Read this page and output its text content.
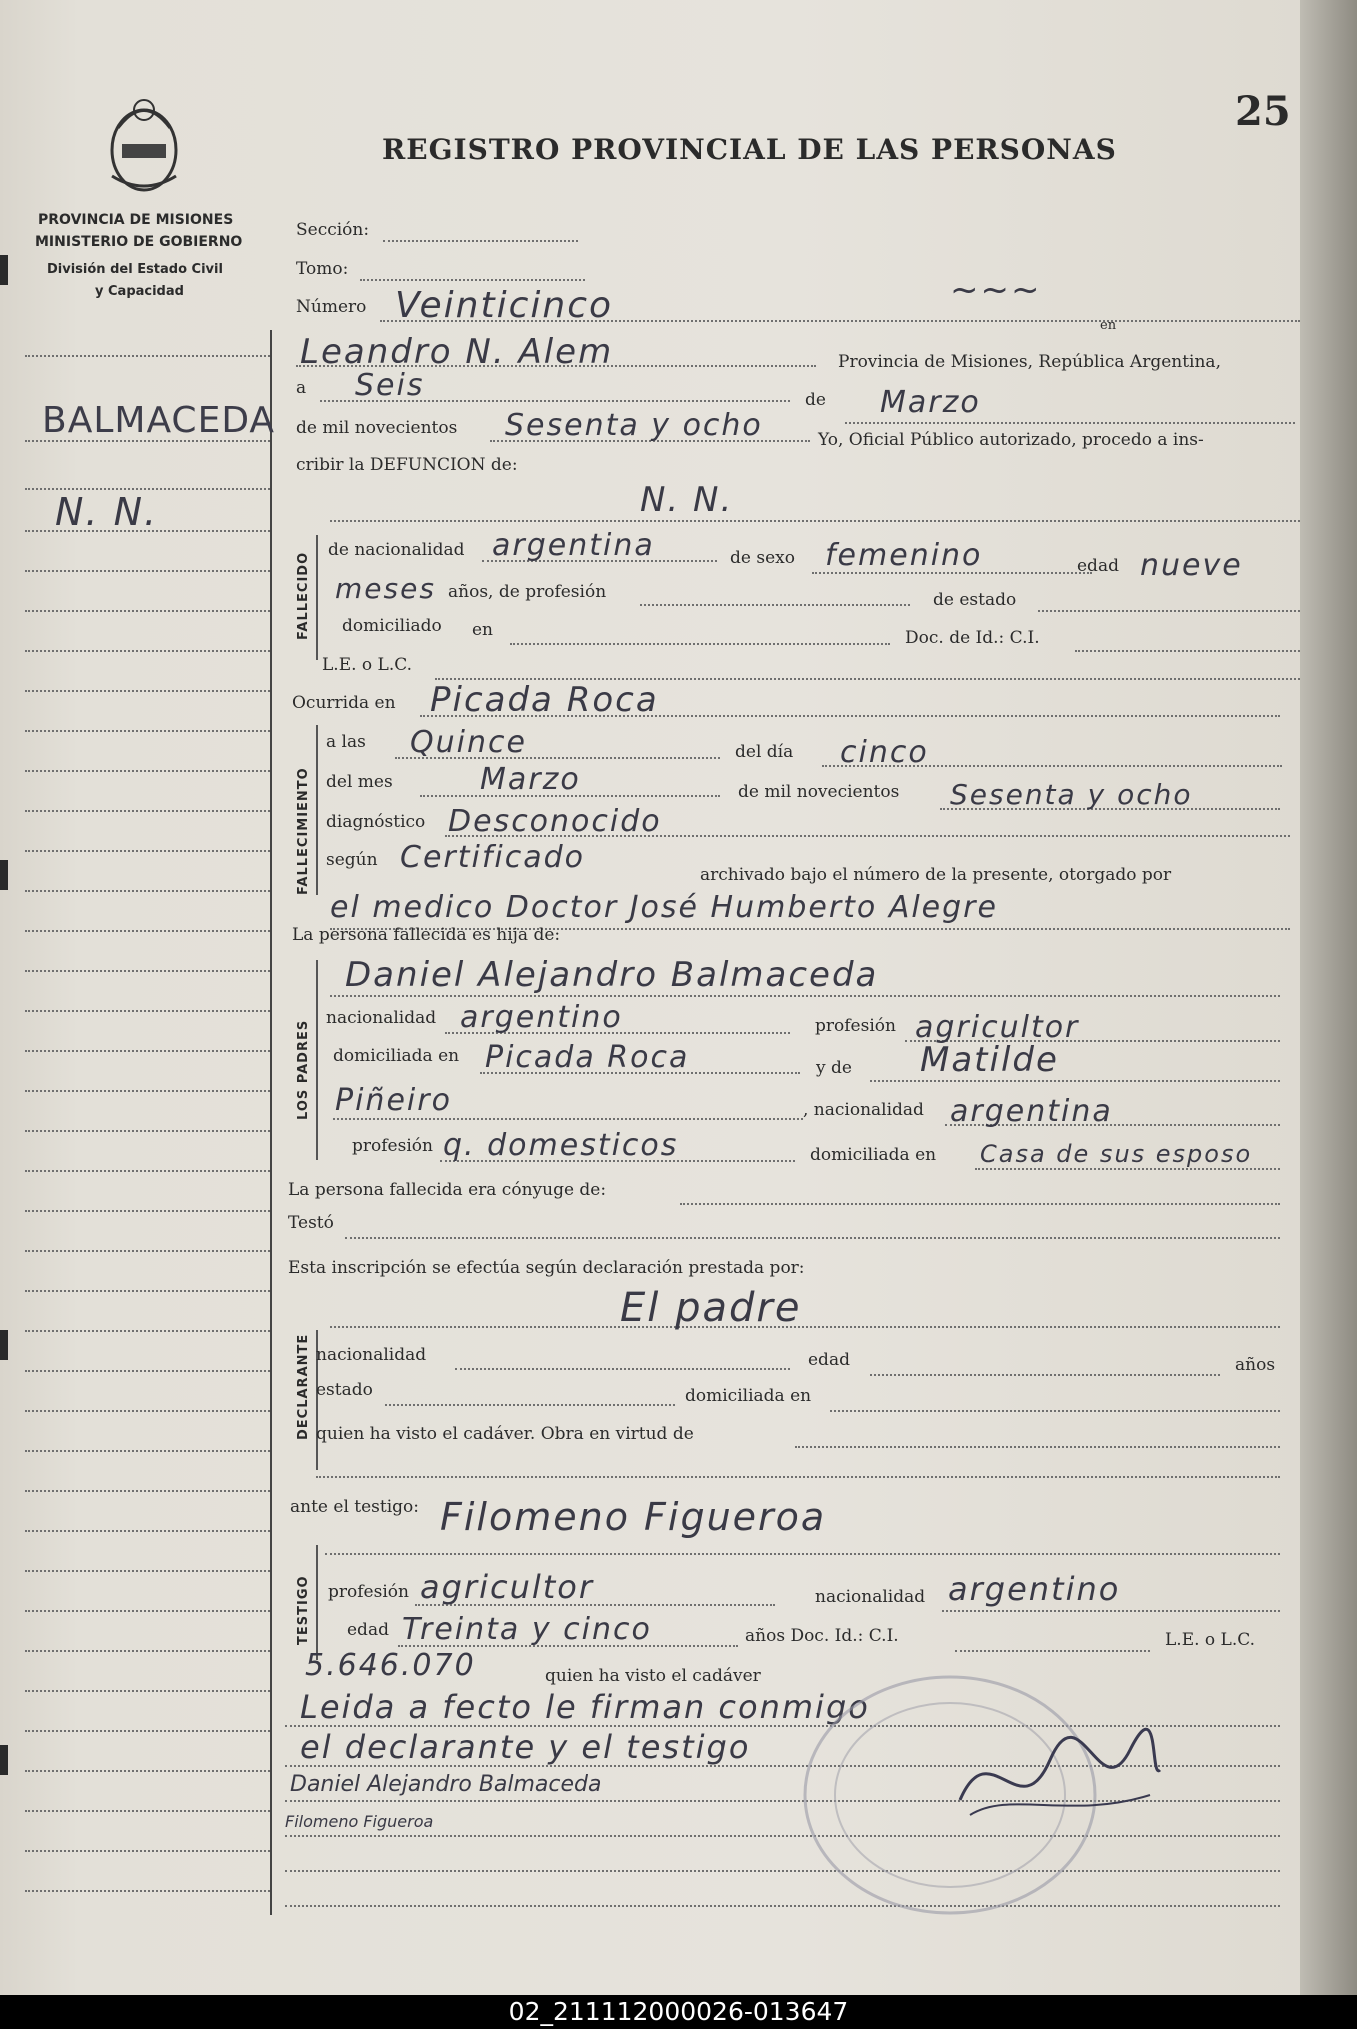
25
REGISTRO PROVINCIAL DE LAS PERSONAS
PROVINCIA DE MISIONES
MINISTERIO DE GOBIERNO
División del Estado Civil
y Capacidad
BALMACEDA
N. N.
Sección:
Tomo:
Número Veinticinco	~~~
en
Leandro N. Alem	Provincia de Misiones, República Argentina,
a Seis	de Marzo
de mil novecientos Sesenta y ocho	Yo, Oficial Público autorizado, procedo a ins-
cribir la DEFUNCION de:
FALLECIDO
N. N.
de nacionalidad argentina	de sexo femenino	edad nueve
meses años, de profesión	de estado
domiciliado en	Doc. de Id.: C.I.
L.E. o L.C.
Ocurrida en Picada Roca
FALLECIMIENTO
a las Quince	del día cinco
del mes	Marzo	de mil novecientos Sesenta y ocho
diagnóstico Desconocido
según Certificado	archivado bajo el número de la presente, otorgado por
el medico Doctor José Humberto Alegre
La persona fallecida es hija de:
LOS PADRES
Daniel Alejandro Balmaceda
nacionalidad argentino	profesión agricultor
domiciliada en Picada Roca	y de Matilde
Piñeiro	, nacionalidad argentina
profesión q. domesticos	domiciliada en Casa de sus esposo
La persona fallecida era cónyuge de:
Testó
Esta inscripción se efectúa según declaración prestada por:
El padre
DECLARANTE nacionalidad	edad	años
estado	domiciliada en
quien ha visto el cadáver. Obra en virtud de
ante el testigo: Filomeno Figueroa
TESTIGO profesión agricultor	nacionalidad argentino
edad Treinta y cinco	años Doc. Id.: C.I.	L.E. o L.C.
5.646.070	quien ha visto el cadáver
Leida a fecto le firman conmigo
el declarante y el testigo
Daniel Alejandro Balmaceda
Filomeno Figueroa
02_211112000026-013647
